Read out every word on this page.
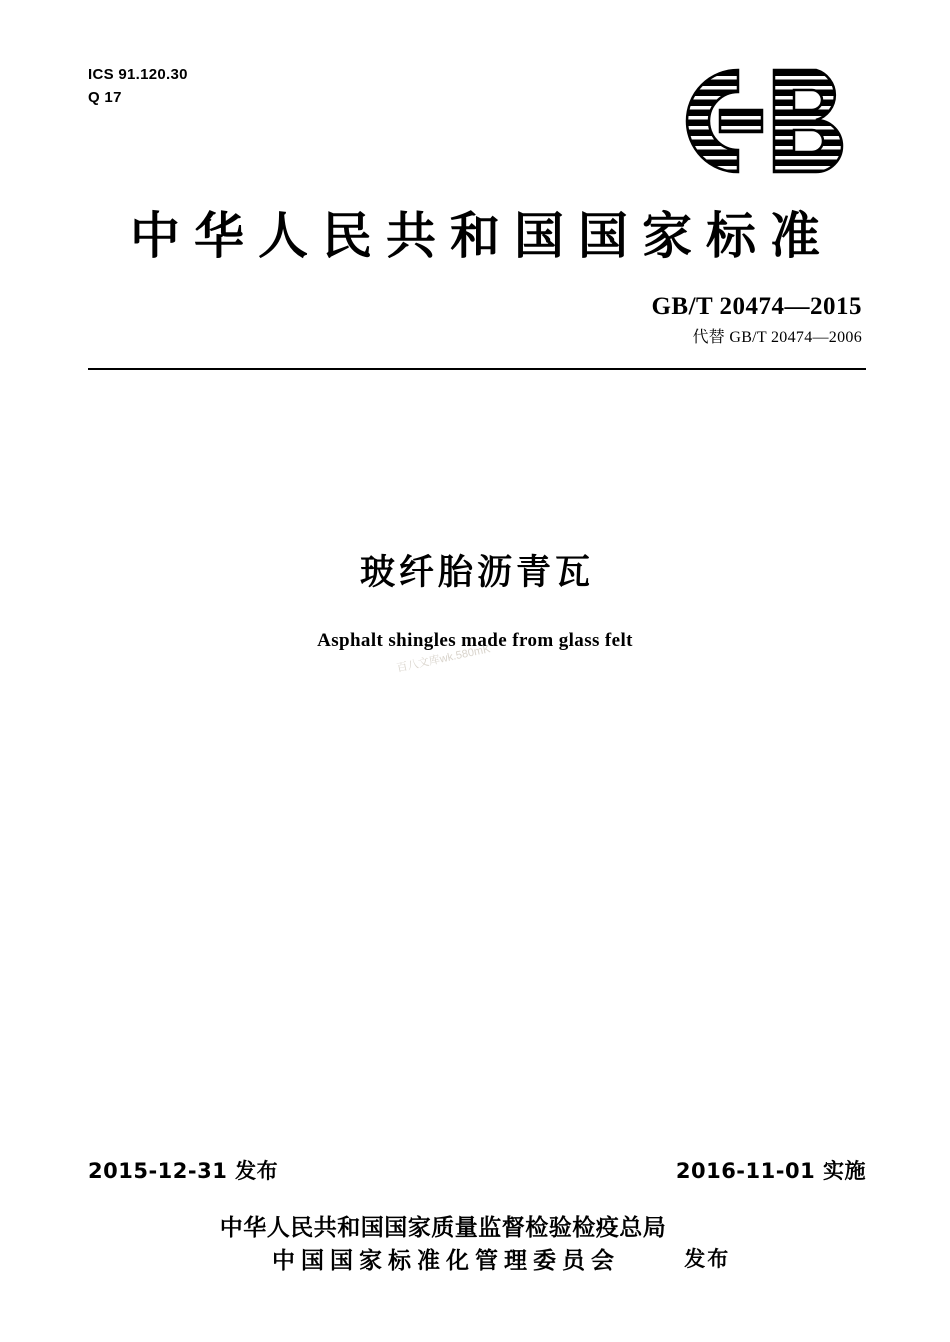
ICS 91.120.30
Q 17
中华人民共和国国家标准
GB/T 20474—2015
代替 GB/T 20474—2006
玻纤胎沥青瓦
Asphalt shingles made from glass felt
百八文库wk.580mK
2015-12-31 发布	2016-11-01 实施
中华人民共和国国家质量监督检验检疫总局
中国国家标准化管理委员会	发布
